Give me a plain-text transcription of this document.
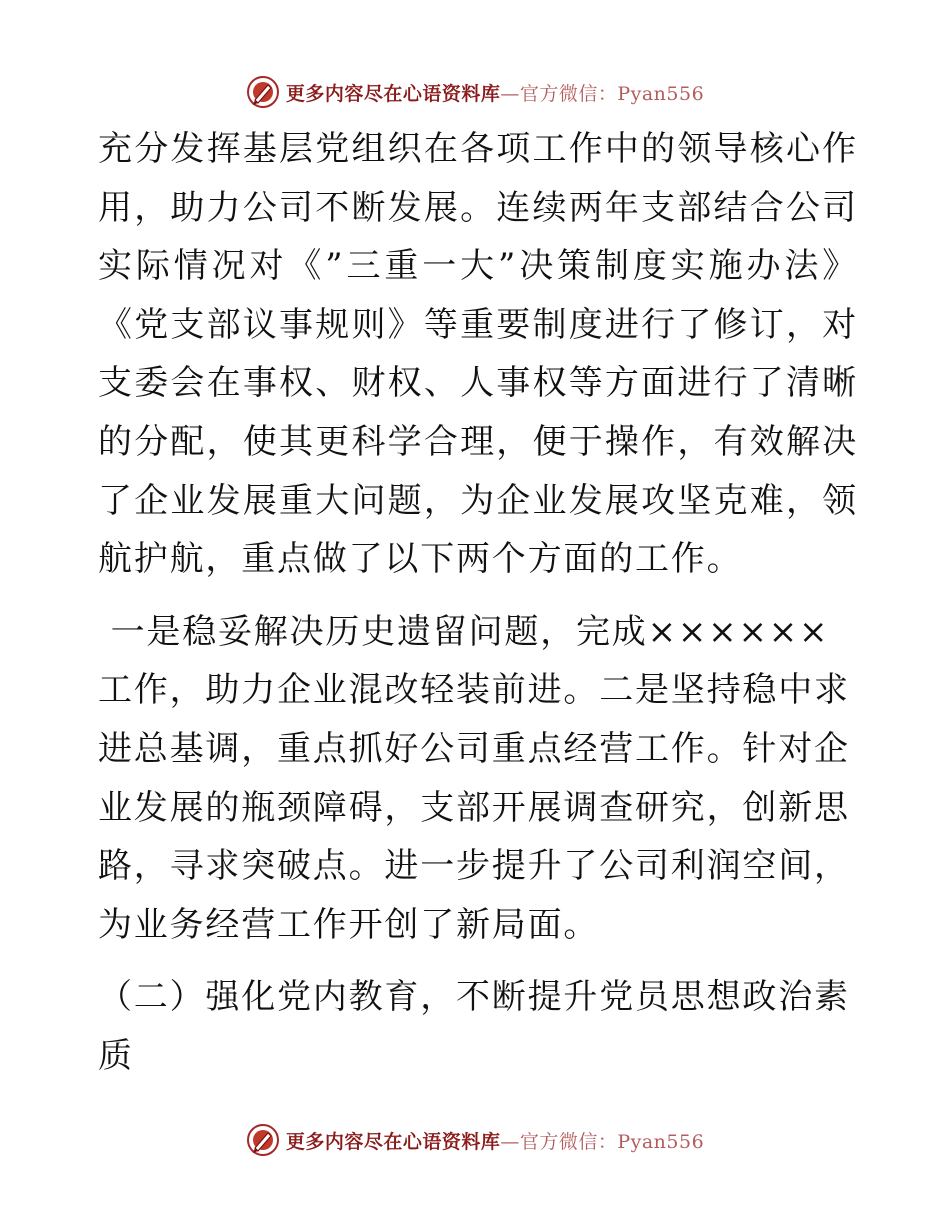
更多内容尽在心语资料库 —官方微信：Pyan556

充分发挥基层党组织在各项工作中的领导核心作用，助力公司不断发展。连续两年支部结合公司实际情况对《”三重一大”决策制度实施办法》《党支部议事规则》等重要制度进行了修订，对支委会在事权、财权、人事权等方面进行了清晰的分配，使其更科学合理，便于操作，有效解决了企业发展重大问题，为企业发展攻坚克难，领航护航，重点做了以下两个方面的工作。

一是稳妥解决历史遗留问题，完成××××××工作，助力企业混改轻装前进。二是坚持稳中求进总基调，重点抓好公司重点经营工作。针对企业发展的瓶颈障碍，支部开展调查研究，创新思路，寻求突破点。进一步提升了公司利润空间，为业务经营工作开创了新局面。

（二）强化党内教育，不断提升党员思想政治素质

更多内容尽在心语资料库 —官方微信：Pyan556
